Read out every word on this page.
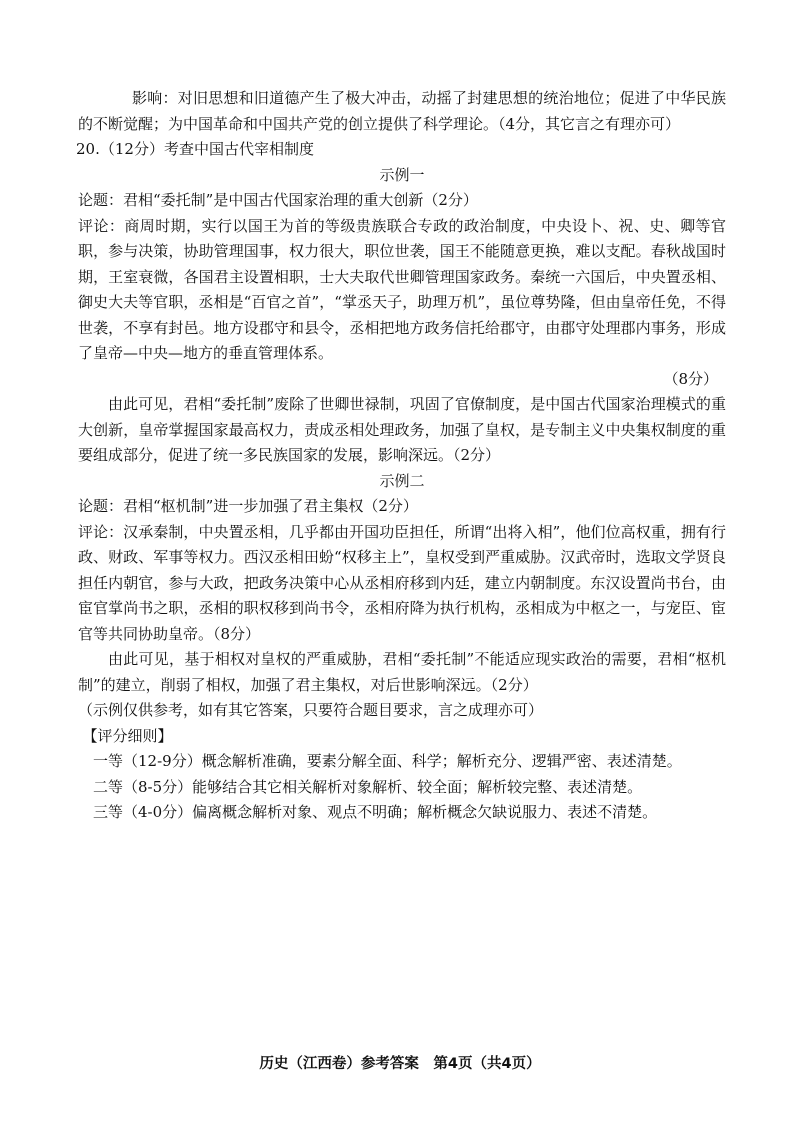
影响：对旧思想和旧道德产生了极大冲击，动摇了封建思想的统治地位；促进了中华民族的不断觉醒；为中国革命和中国共产党的创立提供了科学理论。（4分，其它言之有理亦可）

20.（12分）考查中国古代宰相制度

示例一

论题：君相“委托制”是中国古代国家治理的重大创新（2分）

评论：商周时期，实行以国王为首的等级贵族联合专政的政治制度，中央设卜、祝、史、卿等官职，参与决策，协助管理国事，权力很大，职位世袭，国王不能随意更换，难以支配。春秋战国时期，王室衰微，各国君主设置相职，士大夫取代世卿管理国家政务。秦统一六国后，中央置丞相、御史大夫等官职，丞相是“百官之首”，“掌丞天子，助理万机”，虽位尊势隆，但由皇帝任免，不得世袭，不享有封邑。地方设郡守和县令，丞相把地方政务信托给郡守，由郡守处理郡内事务，形成了皇帝—中央—地方的垂直管理体系。

（8分）

由此可见，君相“委托制”废除了世卿世禄制，巩固了官僚制度，是中国古代国家治理模式的重大创新，皇帝掌握国家最高权力，责成丞相处理政务，加强了皇权，是专制主义中央集权制度的重要组成部分，促进了统一多民族国家的发展，影响深远。（2分）

示例二

论题：君相“枢机制”进一步加强了君主集权（2分）

评论：汉承秦制，中央置丞相，几乎都由开国功臣担任，所谓“出将入相”，他们位高权重，拥有行政、财政、军事等权力。西汉丞相田蚡“权移主上”，皇权受到严重威胁。汉武帝时，选取文学贤良担任内朝官，参与大政，把政务决策中心从丞相府移到内廷，建立内朝制度。东汉设置尚书台，由宦官掌尚书之职，丞相的职权移到尚书令，丞相府降为执行机构，丞相成为中枢之一，与宠臣、宦官等共同协助皇帝。（8分）

由此可见，基于相权对皇权的严重威胁，君相“委托制”不能适应现实政治的需要，君相“枢机制”的建立，削弱了相权，加强了君主集权，对后世影响深远。（2分）

（示例仅供参考，如有其它答案，只要符合题目要求，言之成理亦可）

【评分细则】

一等（12-9分）概念解析准确，要素分解全面、科学；解析充分、逻辑严密、表述清楚。

二等（8-5分）能够结合其它相关解析对象解析、较全面；解析较完整、表述清楚。

三等（4-0分）偏离概念解析对象、观点不明确；解析概念欠缺说服力、表述不清楚。

历史（江西卷）参考答案　第4页（共4页）
